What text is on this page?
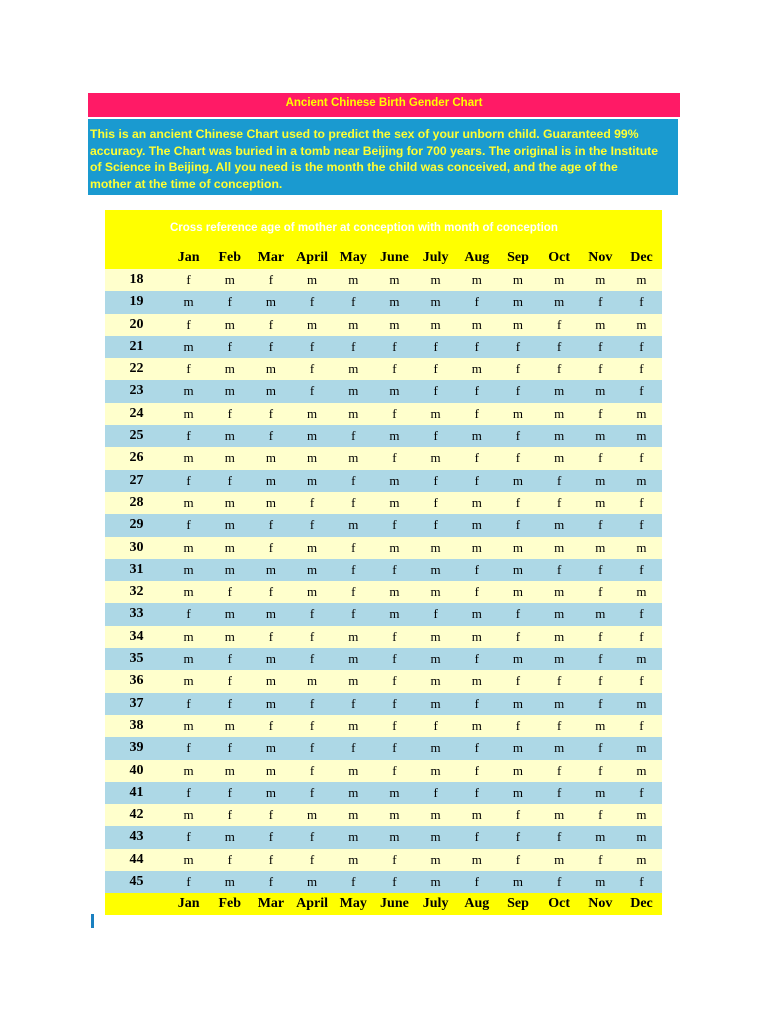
Ancient Chinese Birth Gender Chart
This is an ancient Chinese Chart used to predict the sex of your unborn child. Guaranteed 99%
accuracy. The Chart was buried in a tomb near Beijing for 700 years. The original is in the Institute
of Science in Beijing. All you need is the month the child was conceived, and the age of the
mother at the time of conception.
Cross reference age of mother at conception with month of conception
Jan	Feb	Mar April May June July	Aug	Sep	Oct	Nov	Dec
18	f	m	f	m	m	m	m	m	m	m	m	m
19	m	f	m	f	f	m	m	f	m	m	f	f
20	f	m	f	m	m	m	m	m	m	f	m	m
21	m	f	f	f	f	f	f	f	f	f	f	f
22	f	m	m	f	m	f	f	m	f	f	f	f
23	m	m	m	f	m	m	f	f	f	m	m	f
24	m	f	f	m	m	f	m	f	m	m	f	m
25	f	m	f	m	f	m	f	m	f	m	m	m
26	m	m	m	m	m	f	m	f	f	m	f	f
27	f	f	m	m	f	m	f	f	m	f	m	m
28	m	m	m	f	f	m	f	m	f	f	m	f
29	f	m	f	f	m	f	f	m	f	m	f	f
30	m	m	f	m	f	m	m	m	m	m	m	m
31	m	m	m	m	f	f	m	f	m	f	f	f
32	m	f	f	m	f	m	m	f	m	m	f	m
33	f	m	m	f	f	m	f	m	f	m	m	f
34	m	m	f	f	m	f	m	m	f	m	f	f
35	m	f	m	f	m	f	m	f	m	m	f	m
36	m	f	m	m	m	f	m	m	f	f	f	f
37	f	f	m	f	f	f	m	f	m	m	f	m
38	m	m	f	f	m	f	f	m	f	f	m	f
39	f	f	m	f	f	f	m	f	m	m	f	m
40	m	m	m	f	m	f	m	f	m	f	f	m
41	f	f	m	f	m	m	f	f	m	f	m	f
42	m	f	f	m	m	m	m	m	f	m	f	m
43	f	m	f	f	m	m	m	f	f	f	m	m
44	m	f	f	f	m	f	m	m	f	m	f	m
45	f	m	f	m	f	f	m	f	m	f	m	f
Jan	Feb	Mar April May June July	Aug	Sep	Oct	Nov	Dec
